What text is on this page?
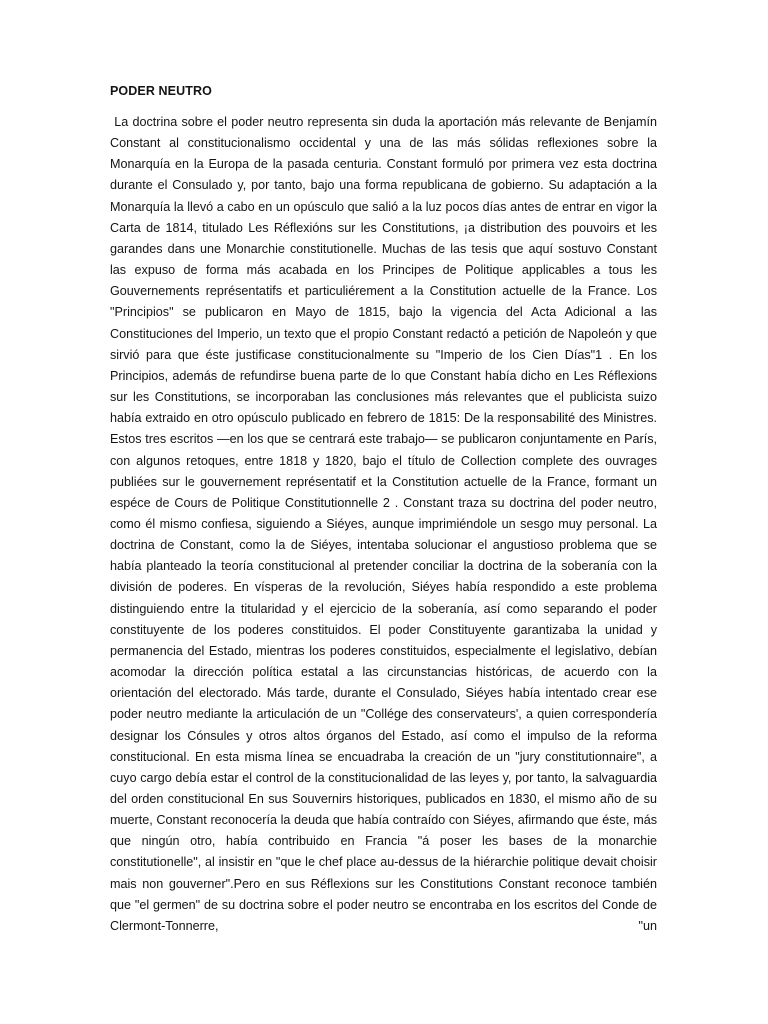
PODER NEUTRO

La doctrina sobre el poder neutro representa sin duda la aportación más relevante de Benjamín Constant al constitucionalismo occidental y una de las más sólidas reflexiones sobre la Monarquía en la Europa de la pasada centuria. Constant formuló por primera vez esta doctrina durante el Consulado y, por tanto, bajo una forma republicana de gobierno. Su adaptación a la Monarquía la llevó a cabo en un opúsculo que salió a la luz pocos días antes de entrar en vigor la Carta de 1814, titulado Les Réflexións sur les Constitutions, ¡a distribution des pouvoirs et les garandes dans une Monarchie constitutionelle. Muchas de las tesis que aquí sostuvo Constant las expuso de forma más acabada en los Principes de Politique applicables a tous les Gouvernements représentatifs et particuliérement a la Constitution actuelle de la France. Los "Principios" se publicaron en Mayo de 1815, bajo la vigencia del Acta Adicional a las Constituciones del Imperio, un texto que el propio Constant redactó a petición de Napoleón y que sirvió para que éste justificase constitucionalmente su "Imperio de los Cien Días"1 . En los Principios, además de refundirse buena parte de lo que Constant había dicho en Les Réflexions sur les Constitutions, se incorporaban las conclusiones más relevantes que el publicista suizo había extraido en otro opúsculo publicado en febrero de 1815: De la responsabilité des Ministres. Estos tres escritos —en los que se centrará este trabajo— se publicaron conjuntamente en París, con algunos retoques, entre 1818 y 1820, bajo el título de Collection complete des ouvrages publiées sur le gouvernement représentatif et la Constitution actuelle de la France, formant un espéce de Cours de Politique Constitutionnelle 2 . Constant traza su doctrina del poder neutro, como él mismo confiesa, siguiendo a Siéyes, aunque imprimiéndole un sesgo muy personal. La doctrina de Constant, como la de Siéyes, intentaba solucionar el angustioso problema que se había planteado la teoría constitucional al pretender conciliar la doctrina de la soberanía con la división de poderes. En vísperas de la revolución, Siéyes había respondido a este problema distinguiendo entre la titularidad y el ejercicio de la soberanía, así como separando el poder constituyente de los poderes constituidos. El poder Constituyente garantizaba la unidad y permanencia del Estado, mientras los poderes constituidos, especialmente el legislativo, debían acomodar la dirección política estatal a las circunstancias históricas, de acuerdo con la orientación del electorado. Más tarde, durante el Consulado, Siéyes había intentado crear ese poder neutro mediante la articulación de un "Collége des conservateurs', a quien correspondería designar los Cónsules y otros altos órganos del Estado, así como el impulso de la reforma constitucional. En esta misma línea se encuadraba la creación de un "jury constitutionnaire", a cuyo cargo debía estar el control de la constitucionalidad de las leyes y, por tanto, la salvaguardia del orden constitucional En sus Souvernirs historiques, publicados en 1830, el mismo año de su muerte, Constant reconocería la deuda que había contraído con Siéyes, afirmando que éste, más que ningún otro, había contribuido en Francia "á poser les bases de la monarchie constitutionelle", al insistir en "que le chef place au-dessus de la hiérarchie politique devait choisir mais non gouverner".Pero en sus Réflexions sur les Constitutions Constant reconoce también que "el germen" de su doctrina sobre el poder neutro se encontraba en los escritos del Conde de Clermont-Tonnerre, "un
